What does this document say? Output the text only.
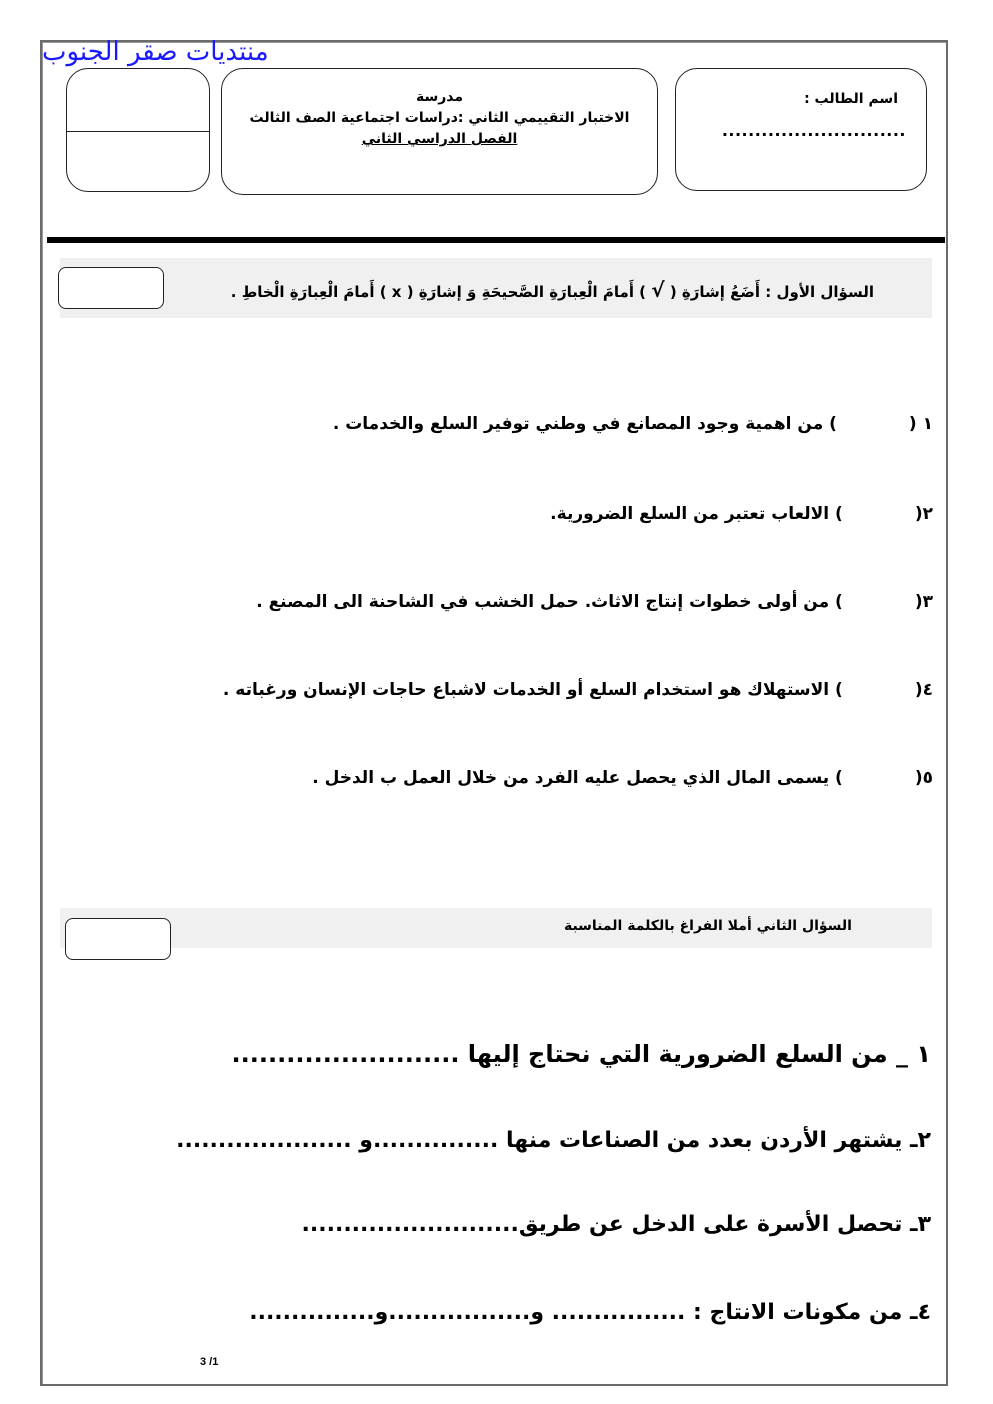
منتديات صقر الجنوب
مدرسة
الاختبار التقييمي الثاني :دراسات اجتماعية الصف الثالث
الفصل الدراسي الثاني
اسم الطالب :
............................
السؤال الأول : أَضَعُ إشارَةِ ( √ ) أَمامَ الْعِبارَةِ الصَّحيحَةِ وَ إشارَةِ ( x ) أَمامَ الْعِبارَةِ الْخاطِ .
١ () من اهمية وجود المصانع في وطني توفير السلع والخدمات .
٢() الالعاب تعتبر من السلع الضرورية.
٣() من أولى خطوات إنتاج الاثاث. حمل الخشب في الشاحنة الى المصنع .
٤() الاستهلاك هو استخدام السلع أو الخدمات لاشباع حاجات الإنسان ورغباته .
٥() يسمى المال الذي يحصل عليه الفرد من خلال العمل ب الدخل .
السؤال الثاني أملا الفراغ بالكلمة المناسبة
١ _ من السلع الضرورية التي نحتاج إليها .........................
٢ـ يشتهر الأردن بعدد من الصناعات منها ...............و .....................
٣ـ تحصل الأسرة على الدخل عن طريق..........................
٤ـ من مكونات الانتاج : ................ و.................و...............
3 /1
